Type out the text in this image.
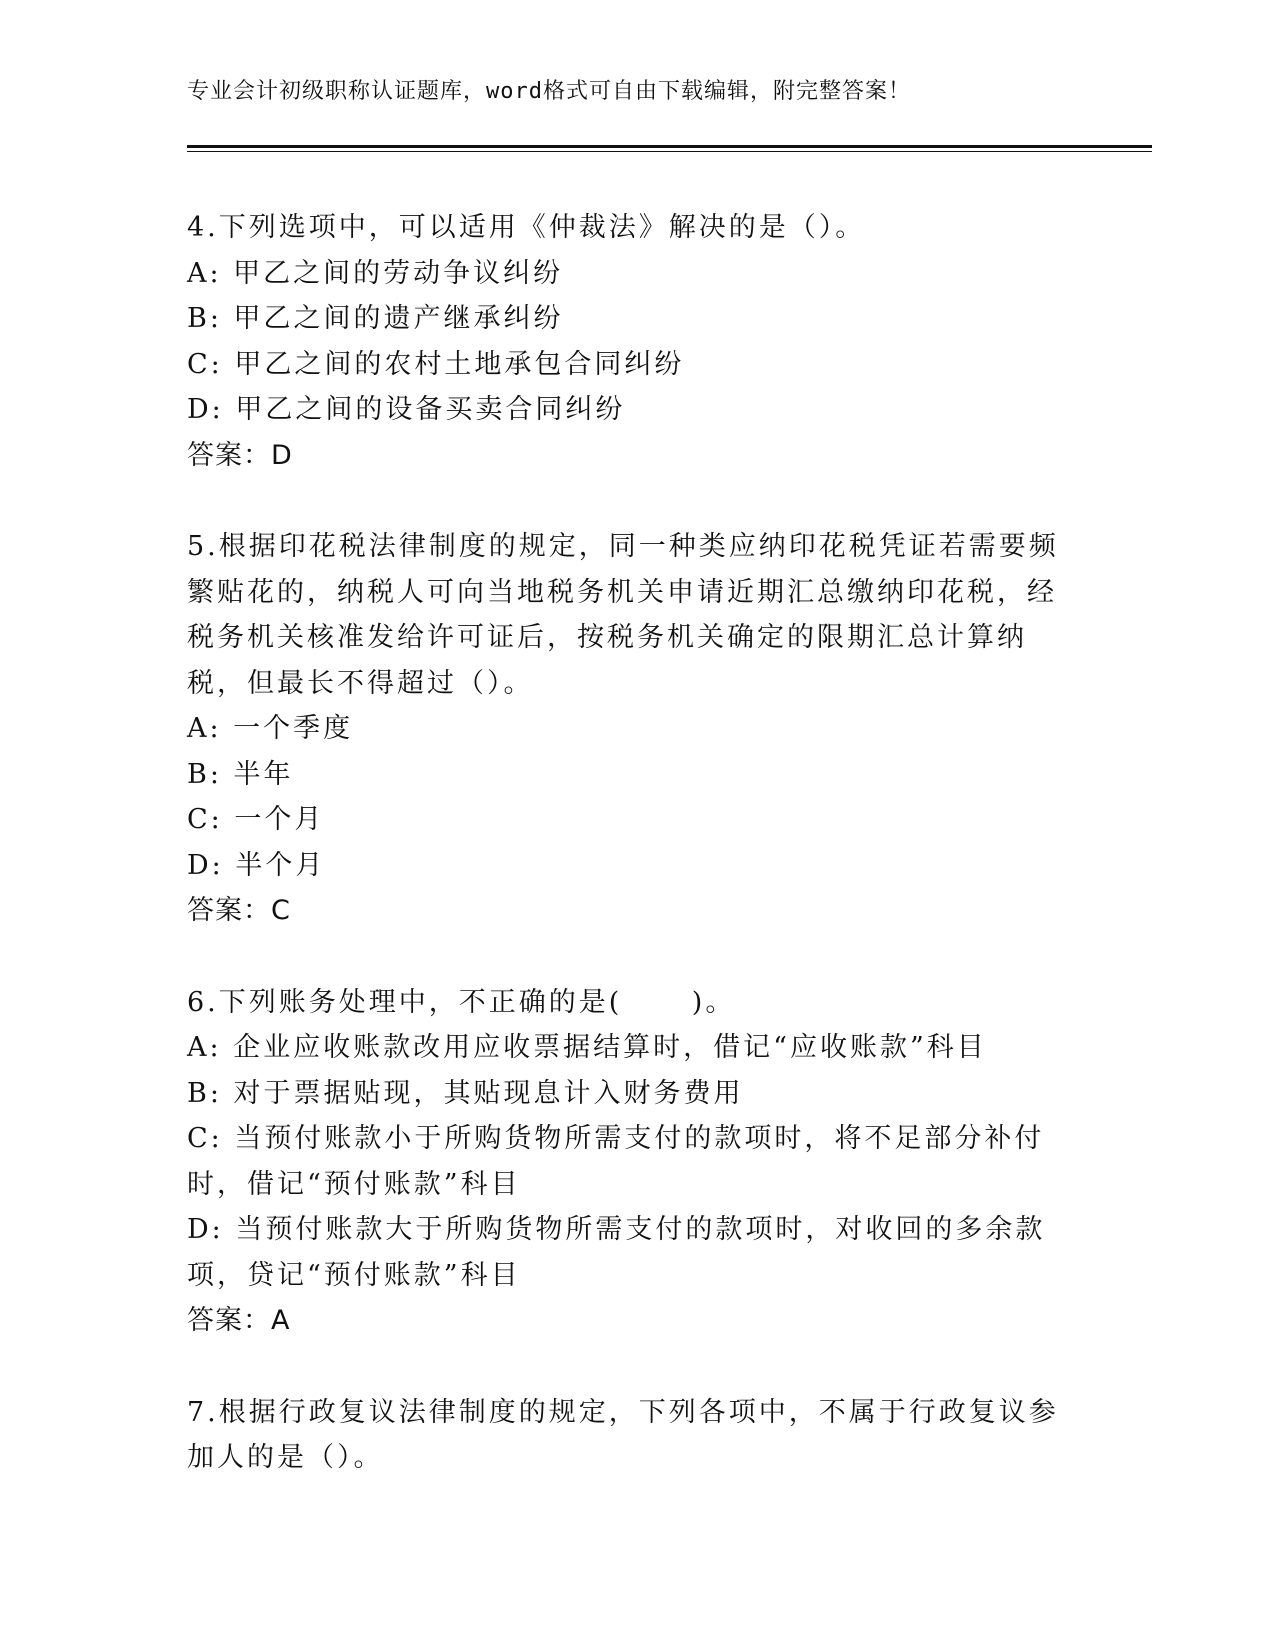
专业会计初级职称认证题库，word格式可自由下载编辑，附完整答案！
4.下列选项中，可以适用《仲裁法》解决的是（）。
A: 甲乙之间的劳动争议纠纷
B: 甲乙之间的遗产继承纠纷
C: 甲乙之间的农村土地承包合同纠纷
D: 甲乙之间的设备买卖合同纠纷
答案：D
5.根据印花税法律制度的规定，同一种类应纳印花税凭证若需要频繁贴花的，纳税人可向当地税务机关申请近期汇总缴纳印花税，经税务机关核准发给许可证后，按税务机关确定的限期汇总计算纳税，但最长不得超过（）。
A: 一个季度
B: 半年
C: 一个月
D: 半个月
答案：C
6.下列账务处理中，不正确的是(      )。
A: 企业应收账款改用应收票据结算时，借记“应收账款”科目
B: 对于票据贴现，其贴现息计入财务费用
C: 当预付账款小于所购货物所需支付的款项时，将不足部分补付时，借记“预付账款”科目
D: 当预付账款大于所购货物所需支付的款项时，对收回的多余款项，贷记“预付账款”科目
答案：A
7.根据行政复议法律制度的规定，下列各项中，不属于行政复议参加人的是（）。
